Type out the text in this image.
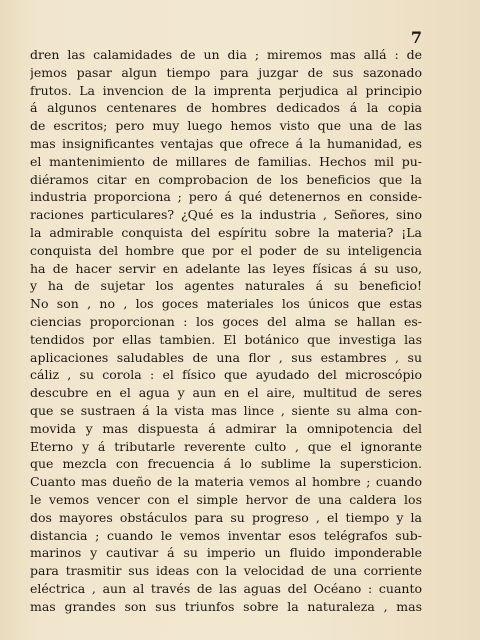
7
dren las calamidades de un dia ; miremos mas allá : de
jemos pasar algun tiempo para juzgar de sus sazonado
frutos. La invencion de la imprenta perjudica al principio
á algunos centenares de hombres dedicados á la copia
de escritos; pero muy luego hemos visto que una de las
mas insignificantes ventajas que ofrece á la humanidad, es
el mantenimiento de millares de familias. Hechos mil pu-
diéramos citar en comprobacion de los beneficios que la
industria proporciona ; pero á qué detenernos en conside-
raciones particulares? ¿Qué es la industria , Señores, sino
la admirable conquista del espíritu sobre la materia? ¡La
conquista del hombre que por el poder de su inteligencia
ha de hacer servir en adelante las leyes físicas á su uso,
y ha de sujetar los agentes naturales á su beneficio!
No son , no , los goces materiales los únicos que estas
ciencias proporcionan : los goces del alma se hallan es-
tendidos por ellas tambien. El botánico que investiga las
aplicaciones saludables de una flor , sus estambres , su
cáliz , su corola : el físico que ayudado del microscópio
descubre en el agua y aun en el aire, multitud de seres
que se sustraen á la vista mas lince , siente su alma con-
movida y mas dispuesta á admirar la omnipotencia del
Eterno y á tributarle reverente culto , que el ignorante
que mezcla con frecuencia á lo sublime la supersticion.
Cuanto mas dueño de la materia vemos al hombre ; cuando
le vemos vencer con el simple hervor de una caldera los
dos mayores obstáculos para su progreso , el tiempo y la
distancia ; cuando le vemos inventar esos telégrafos sub-
marinos y cautivar á su imperio un fluido imponderable
para trasmitir sus ideas con la velocidad de una corriente
eléctrica , aun al través de las aguas del Océano : cuanto
mas grandes son sus triunfos sobre la naturaleza , mas
